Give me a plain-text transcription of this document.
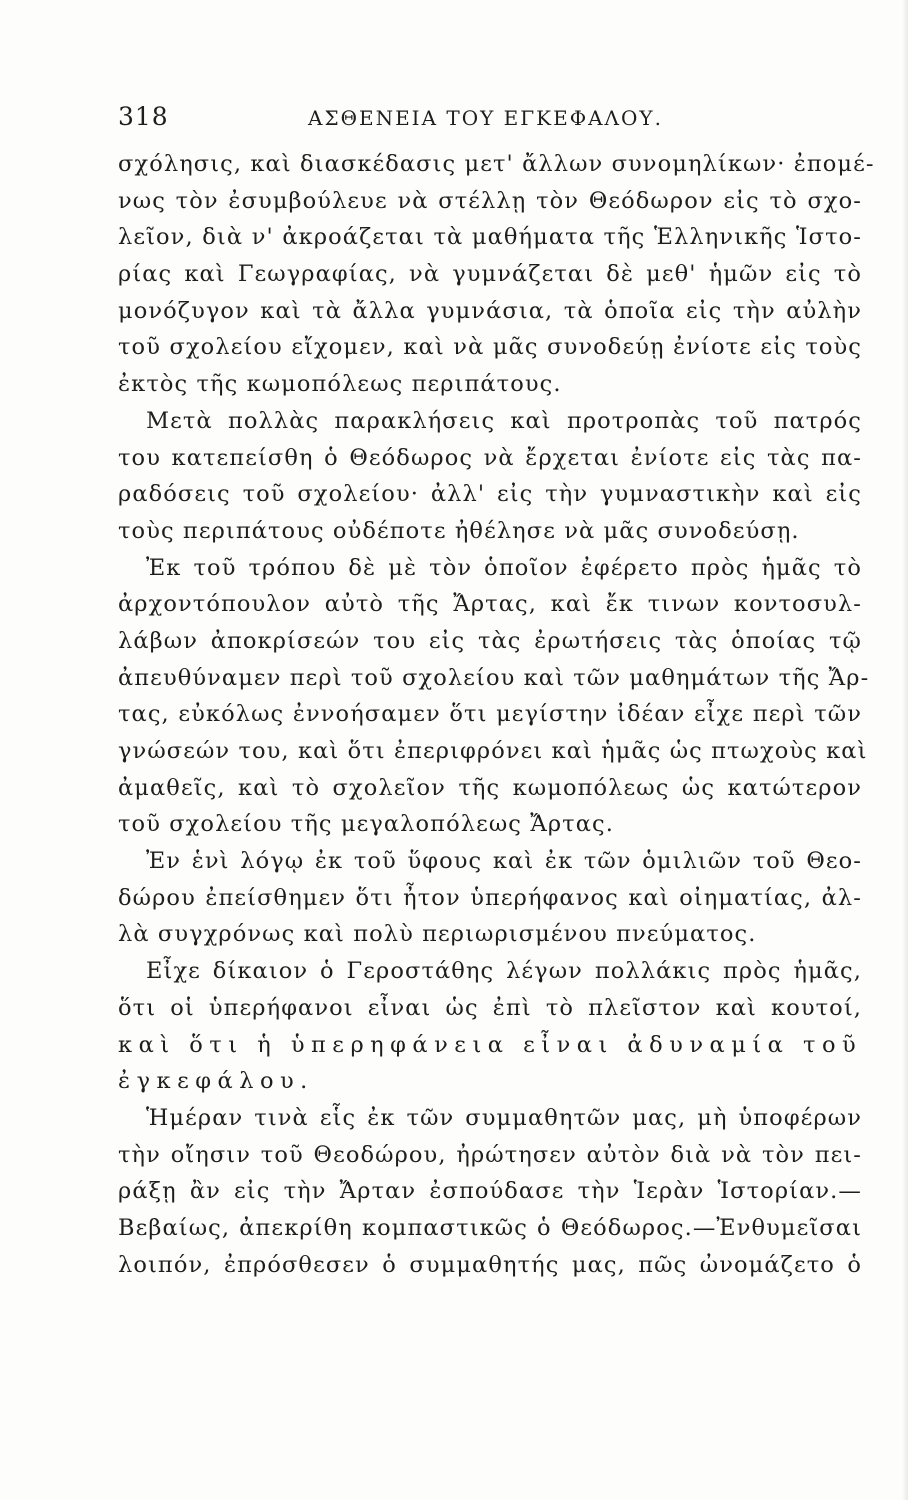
318	ΑΣΘΕΝΕΙΑ ΤΟΥ ΕΓΚΕΦΑΛΟΥ.
σχόλησις, καὶ διασκέδασις μετ' ἄλλων συνομηλίκων· ἐπομέ-
νως τὸν ἐσυμβούλευε νὰ στέλλῃ τὸν Θεόδωρον εἰς τὸ σχο-
λεῖον, διὰ ν' ἀκροάζεται τὰ μαθήματα τῆς Ἑλληνικῆς Ἱστο-
ρίας καὶ Γεωγραφίας, νὰ γυμνάζεται δὲ μεθ' ἡμῶν εἰς τὸ
μονόζυγον καὶ τὰ ἄλλα γυμνάσια, τὰ ὁποῖα εἰς τὴν αὐλὴν
τοῦ σχολείου εἴχομεν, καὶ νὰ μᾶς συνοδεύῃ ἐνίοτε εἰς τοὺς
ἐκτὸς τῆς κωμοπόλεως περιπάτους.
Μετὰ πολλὰς παρακλήσεις καὶ προτροπὰς τοῦ πατρός
του κατεπείσθη ὁ Θεόδωρος νὰ ἔρχεται ἐνίοτε εἰς τὰς πα-
ραδόσεις τοῦ σχολείου· ἀλλ' εἰς τὴν γυμναστικὴν καὶ εἰς
τοὺς περιπάτους οὐδέποτε ἠθέλησε νὰ μᾶς συνοδεύσῃ.
Ἐκ τοῦ τρόπου δὲ μὲ τὸν ὁποῖον ἐφέρετο πρὸς ἡμᾶς τὸ
ἀρχοντόπουλον αὐτὸ τῆς Ἄρτας, καὶ ἔκ τινων κοντοσυλ-
λάβων ἀποκρίσεών του εἰς τὰς ἐρωτήσεις τὰς ὁποίας τῷ
ἀπευθύναμεν περὶ τοῦ σχολείου καὶ τῶν μαθημάτων τῆς Ἄρ-
τας, εὐκόλως ἐννοήσαμεν ὅτι μεγίστην ἰδέαν εἶχε περὶ τῶν
γνώσεών του, καὶ ὅτι ἐπεριφρόνει καὶ ἡμᾶς ὡς πτωχοὺς καὶ
ἀμαθεῖς, καὶ τὸ σχολεῖον τῆς κωμοπόλεως ὡς κατώτερον
τοῦ σχολείου τῆς μεγαλοπόλεως Ἄρτας.
Ἐν ἑνὶ λόγῳ ἐκ τοῦ ὕφους καὶ ἐκ τῶν ὁμιλιῶν τοῦ Θεο-
δώρου ἐπείσθημεν ὅτι ἦτον ὑπερήφανος καὶ οἰηματίας, ἀλ-
λὰ συγχρόνως καὶ πολὺ περιωρισμένου πνεύματος.
Εἶχε δίκαιον ὁ Γεροστάθης λέγων πολλάκις πρὸς ἡμᾶς,
ὅτι οἱ ὑπερήφανοι εἶναι ὡς ἐπὶ τὸ πλεῖστον καὶ κουτοί,
καὶ ὅτι ἡ ὑπερηφάνεια εἶναι ἀδυναμία τοῦ
ἐγκεφάλου.
Ἡμέραν τινὰ εἷς ἐκ τῶν συμμαθητῶν μας, μὴ ὑποφέρων
τὴν οἴησιν τοῦ Θεοδώρου, ἠρώτησεν αὐτὸν διὰ νὰ τὸν πει-
ράξῃ ἂν εἰς τὴν Ἄρταν ἐσπούδασε τὴν Ἱερὰν Ἱστορίαν.—
Βεβαίως, ἀπεκρίθη κομπαστικῶς ὁ Θεόδωρος.—Ἐνθυμεῖσαι
λοιπόν, ἐπρόσθεσεν ὁ συμμαθητής μας, πῶς ὠνομάζετο ὁ
